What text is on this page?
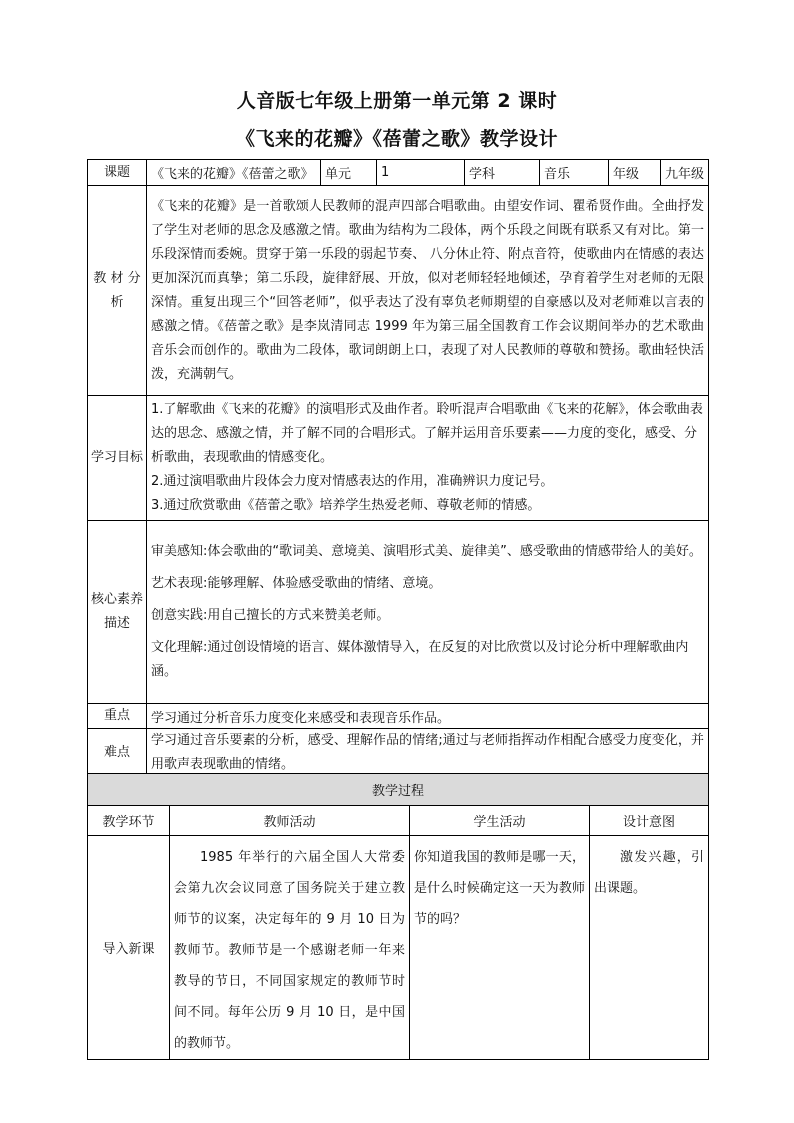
人音版七年级上册第一单元第 2 课时
《飞来的花瓣》《蓓蕾之歌》教学设计
课题	《飞来的花瓣》《蓓蕾之歌》	单元	1	学科	音乐	年级	九年级
教 材 分析	《飞来的花瓣》是一首歌颂人民教师的混声四部合唱歌曲。由望安作词、瞿希贤作曲。全曲抒发了学生对老师的思念及感激之情。歌曲为结构为二段体，两个乐段之间既有联系又有对比。第一乐段深情而委婉。贯穿于第一乐段的弱起节奏、 八分休止符、附点音符，使歌曲内在情感的表达更加深沉而真挚；第二乐段，旋律舒展、开放，似对老师轻轻地倾述，孕育着学生对老师的无限深情。重复出现三个“回答老师”，似乎表达了没有辜负老师期望的自豪感以及对老师难以言表的感激之情。《蓓蕾之歌》是李岚清同志 1999 年为第三届全国教育工作会议期间举办的艺术歌曲音乐会而创作的。歌曲为二段体，歌词朗朗上口，表现了对人民教师的尊敬和赞扬。歌曲轻快活泼，充满朝气。						
学习目标	1.了解歌曲《飞来的花瓣》的演唱形式及曲作者。聆听混声合唱歌曲《飞来的花解》，体会歌曲表达的思念、感激之情，并了解不同的合唱形式。了解并运用音乐要素——力度的变化，感受、分析歌曲，表现歌曲的情感变化。

2.通过演唱歌曲片段体会力度对情感表达的作用，准确辨识力度记号。

3.通过欣赏歌曲《蓓蕾之歌》培养学生热爱老师、尊敬老师的情感。						

核心素养描述	审美感知:体会歌曲的“歌词美、意境美、演唱形式美、旋律美”、感受歌曲的情感带给人的美好。

艺术表现:能够理解、体验感受歌曲的情绪、意境。

创意实践:用自己擅长的方式来赞美老师。

文化理解:通过创设情境的语言、媒体激情导入，在反复的对比欣赏以及讨论分析中理解歌曲内涵。						

重点	学习通过分析音乐力度变化来感受和表现音乐作品。						
难点	学习通过音乐要素的分析，感受、理解作品的情绪;通过与老师指挥动作相配合感受力度变化，并用歌声表现歌曲的情绪。						
教学过程			
教学环节	教师活动	学生活动	设计意图
导入新课	1985 年举行的六届全国人大常委会第九次会议同意了国务院关于建立教师节的议案，决定每年的 9 月 10 日为教师节。教师节是一个感谢老师一年来教导的节日，不同国家规定的教师节时间不同。每年公历 9 月 10 日，是中国的教师节。	你知道我国的教师是哪一天，是什么时候确定这一天为教师节的吗？	激发兴趣，引出课题。
